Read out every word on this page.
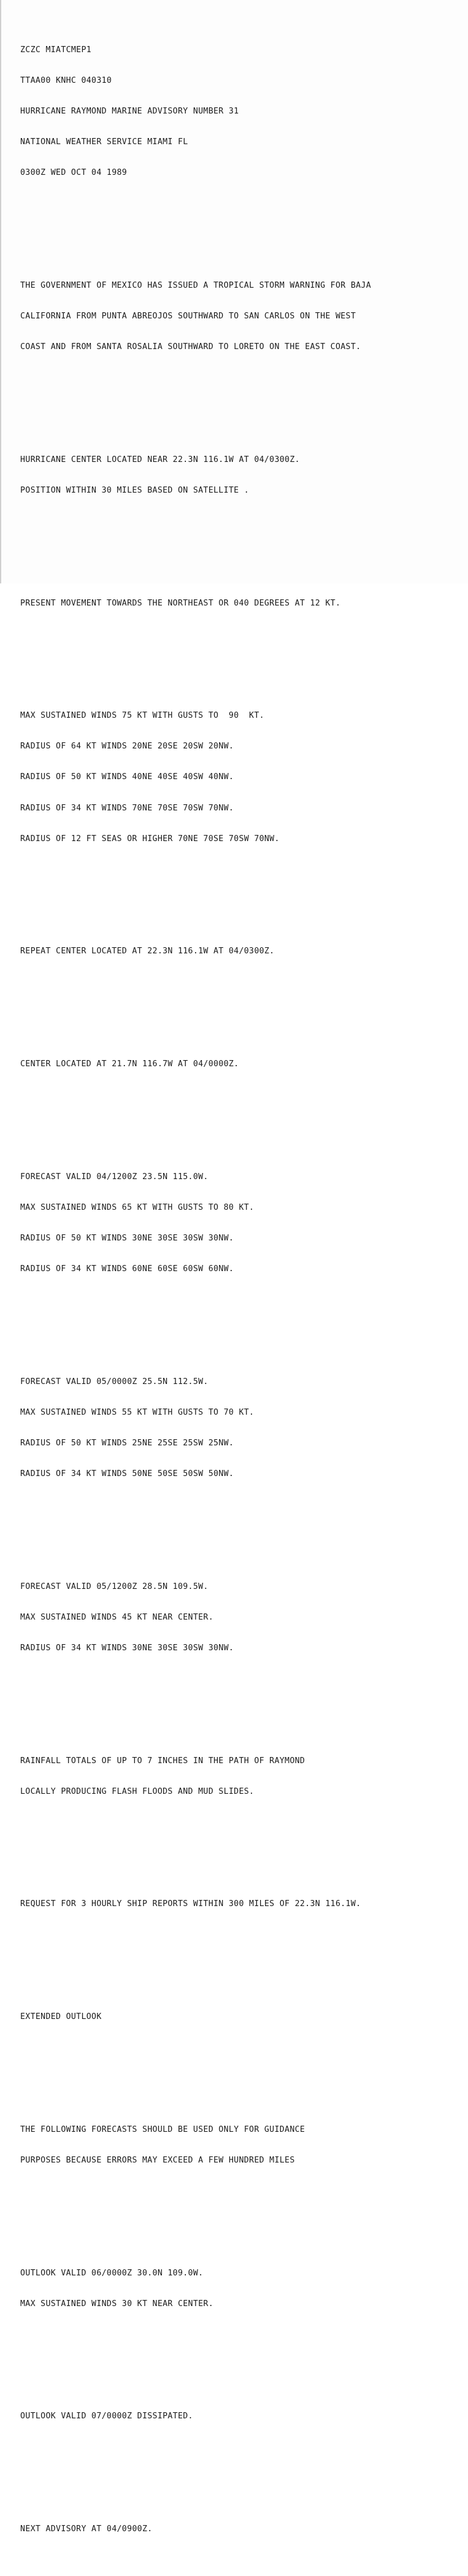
ZCZC MIATCMEP1

TTAA00 KNHC 040310

HURRICANE RAYMOND MARINE ADVISORY NUMBER 31

NATIONAL WEATHER SERVICE MIAMI FL

0300Z WED OCT 04 1989

THE GOVERNMENT OF MEXICO HAS ISSUED A TROPICAL STORM WARNING FOR BAJA

CALIFORNIA FROM PUNTA ABREOJOS SOUTHWARD TO SAN CARLOS ON THE WEST

COAST AND FROM SANTA ROSALIA SOUTHWARD TO LORETO ON THE EAST COAST.

HURRICANE CENTER LOCATED NEAR 22.3N 116.1W AT 04/0300Z.

POSITION WITHIN 30 MILES BASED ON SATELLITE .

PRESENT MOVEMENT TOWARDS THE NORTHEAST OR 040 DEGREES AT 12 KT.

MAX SUSTAINED WINDS 75 KT WITH GUSTS TO  90  KT.

RADIUS OF 64 KT WINDS 20NE 20SE 20SW 20NW.

RADIUS OF 50 KT WINDS 40NE 40SE 40SW 40NW.

RADIUS OF 34 KT WINDS 70NE 70SE 70SW 70NW.

RADIUS OF 12 FT SEAS OR HIGHER 70NE 70SE 70SW 70NW.

REPEAT CENTER LOCATED AT 22.3N 116.1W AT 04/0300Z.

CENTER LOCATED AT 21.7N 116.7W AT 04/0000Z.

FORECAST VALID 04/1200Z 23.5N 115.0W.

MAX SUSTAINED WINDS 65 KT WITH GUSTS TO 80 KT.

RADIUS OF 50 KT WINDS 30NE 30SE 30SW 30NW.

RADIUS OF 34 KT WINDS 60NE 60SE 60SW 60NW.

FORECAST VALID 05/0000Z 25.5N 112.5W.

MAX SUSTAINED WINDS 55 KT WITH GUSTS TO 70 KT.

RADIUS OF 50 KT WINDS 25NE 25SE 25SW 25NW.

RADIUS OF 34 KT WINDS 50NE 50SE 50SW 50NW.

FORECAST VALID 05/1200Z 28.5N 109.5W.

MAX SUSTAINED WINDS 45 KT NEAR CENTER.

RADIUS OF 34 KT WINDS 30NE 30SE 30SW 30NW.

RAINFALL TOTALS OF UP TO 7 INCHES IN THE PATH OF RAYMOND

LOCALLY PRODUCING FLASH FLOODS AND MUD SLIDES.

REQUEST FOR 3 HOURLY SHIP REPORTS WITHIN 300 MILES OF 22.3N 116.1W.

EXTENDED OUTLOOK

THE FOLLOWING FORECASTS SHOULD BE USED ONLY FOR GUIDANCE

PURPOSES BECAUSE ERRORS MAY EXCEED A FEW HUNDRED MILES

OUTLOOK VALID 06/0000Z 30.0N 109.0W.

MAX SUSTAINED WINDS 30 KT NEAR CENTER.

OUTLOOK VALID 07/0000Z DISSIPATED.

NEXT ADVISORY AT 04/0900Z.
